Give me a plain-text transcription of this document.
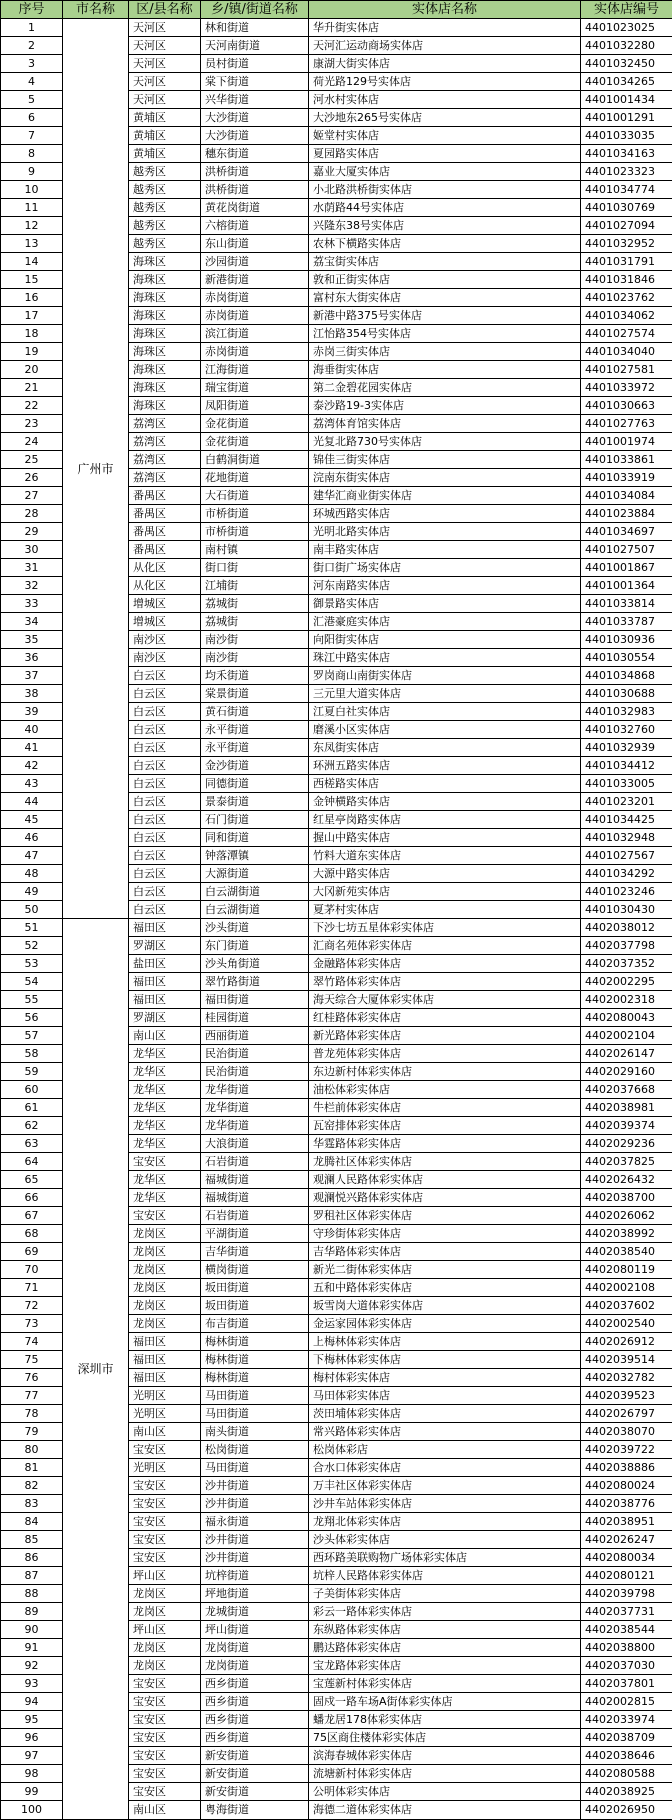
序号	市名称	区/县名称	乡/镇/街道名称	实体店名称	实体店编号
1	广州市	天河区	林和街道	华升街实体店	4401023025
2		天河区	天河南街道	天河汇运动商场实体店	4401032280
3		天河区	员村街道	康湖大街实体店	4401032450
4		天河区	棠下街道	荷光路129号实体店	4401034265
5		天河区	兴华街道	河水村实体店	4401001434
6		黄埔区	大沙街道	大沙地东265号实体店	4401001291
7		黄埔区	大沙街道	姬堂村实体店	4401033035
8		黄埔区	穗东街道	夏园路实体店	4401034163
9		越秀区	洪桥街道	嘉业大厦实体店	4401023323
10		越秀区	洪桥街道	小北路洪桥街实体店	4401034774
11		越秀区	黄花岗街道	水荫路44号实体店	4401030769
12		越秀区	六榕街道	兴隆东38号实体店	4401027094
13		越秀区	东山街道	农林下横路实体店	4401032952
14		海珠区	沙园街道	荔宝街实体店	4401031791
15		海珠区	新港街道	敦和正街实体店	4401031846
16		海珠区	赤岗街道	富村东大街实体店	4401023762
17		海珠区	赤岗街道	新港中路375号实体店	4401034062
18		海珠区	滨江街道	江怡路354号实体店	4401027574
19		海珠区	赤岗街道	赤岗三街实体店	4401034040
20		海珠区	江海街道	海垂街实体店	4401027581
21		海珠区	瑞宝街道	第二金碧花园实体店	4401033972
22		海珠区	凤阳街道	泰沙路19-3实体店	4401030663
23		荔湾区	金花街道	荔湾体育馆实体店	4401027763
24		荔湾区	金花街道	光复北路730号实体店	4401001974
25		荔湾区	白鹤洞街道	锦佳三街实体店	4401033861
26		荔湾区	花地街道	浣南东街实体店	4401033919
27		番禺区	大石街道	建华汇商业街实体店	4401034084
28		番禺区	市桥街道	环城西路实体店	4401023884
29		番禺区	市桥街道	光明北路实体店	4401034697
30		番禺区	南村镇	南丰路实体店	4401027507
31		从化区	街口街	街口街广场实体店	4401001867
32		从化区	江埔街	河东南路实体店	4401001364
33		增城区	荔城街	御景路实体店	4401033814
34		增城区	荔城街	汇港豪庭实体店	4401033787
35		南沙区	南沙街	向阳街实体店	4401030936
36		南沙区	南沙街	珠江中路实体店	4401030554
37		白云区	均禾街道	罗岗商山南街实体店	4401034868
38		白云区	棠景街道	三元里大道实体店	4401030688
39		白云区	黄石街道	江夏白社实体店	4401032983
40		白云区	永平街道	磨溪小区实体店	4401032760
41		白云区	永平街道	东凤街实体店	4401032939
42		白云区	金沙街道	环洲五路实体店	4401034412
43		白云区	同德街道	西槎路实体店	4401033005
44		白云区	景泰街道	金钟横路实体店	4401023201
45		白云区	石门街道	红星亭岗路实体店	4401034425
46		白云区	同和街道	握山中路实体店	4401032948
47		白云区	钟落潭镇	竹料大道东实体店	4401027567
48		白云区	大源街道	大源中路实体店	4401034292
49		白云区	白云湖街道	大冈新苑实体店	4401023246
50		白云区	白云湖街道	夏茅村实体店	4401030430
51	深圳市	福田区	沙头街道	下沙七坊五星体彩实体店	4402038012
52		罗湖区	东门街道	汇商名苑体彩实体店	4402037798
53		盐田区	沙头角街道	金融路体彩实体店	4402037352
54		福田区	翠竹路街道	翠竹路体彩实体店	4402002295
55		福田区	福田街道	海天综合大厦体彩实体店	4402002318
56		罗湖区	桂园街道	红桂路体彩实体店	4402080043
57		南山区	西丽街道	新光路体彩实体店	4402002104
58		龙华区	民治街道	普龙苑体彩实体店	4402026147
59		龙华区	民治街道	东边新村体彩实体店	4402029160
60		龙华区	龙华街道	油松体彩实体店	4402037668
61		龙华区	龙华街道	牛栏前体彩实体店	4402038981
62		龙华区	龙华街道	瓦窑排体彩实体店	4402039374
63		龙华区	大浪街道	华霆路体彩实体店	4402029236
64		宝安区	石岩街道	龙腾社区体彩实体店	4402037825
65		龙华区	福城街道	观澜人民路体彩实体店	4402026432
66		龙华区	福城街道	观澜悦兴路体彩实体店	4402038700
67		宝安区	石岩街道	罗租社区体彩实体店	4402026062
68		龙岗区	平湖街道	守珍街体彩实体店	4402038992
69		龙岗区	吉华街道	吉华路体彩实体店	4402038540
70		龙岗区	横岗街道	新光二街体彩实体店	4402080119
71		龙岗区	坂田街道	五和中路体彩实体店	4402002108
72		龙岗区	坂田街道	坂雪岗大道体彩实体店	4402037602
73		龙岗区	布吉街道	金运家园体彩实体店	4402002540
74		福田区	梅林街道	上梅林体彩实体店	4402026912
75		福田区	梅林街道	下梅林体彩实体店	4402039514
76		福田区	梅林街道	梅村体彩实体店	4402032782
77		光明区	马田街道	马田体彩实体店	4402039523
78		光明区	马田街道	茨田埔体彩实体店	4402026797
79		南山区	南头街道	常兴路体彩实体店	4402038070
80		宝安区	松岗街道	松岗体彩店	4402039722
81		光明区	马田街道	合水口体彩实体店	4402038886
82		宝安区	沙井街道	万丰社区体彩实体店	4402080024
83		宝安区	沙井街道	沙井车站体彩实体店	4402038776
84		宝安区	福永街道	龙翔北体彩实体店	4402038951
85		宝安区	沙井街道	沙头体彩实体店	4402026247
86		宝安区	沙井街道	西环路美联购物广场体彩实体店	4402080034
87		坪山区	坑梓街道	坑梓人民路体彩实体店	4402080121
88		龙岗区	坪地街道	子美街体彩实体店	4402039798
89		龙岗区	龙城街道	彩云一路体彩实体店	4402037731
90		坪山区	坪山街道	东纵路体彩实体店	4402038544
91		龙岗区	龙岗街道	鹏达路体彩实体店	4402038800
92		龙岗区	龙岗街道	宝龙路体彩实体店	4402037030
93		宝安区	西乡街道	宝莲新村体彩实体店	4402037801
94		宝安区	西乡街道	固戍一路车场A街体彩实体店	4402002815
95		宝安区	西乡街道	蟠龙居178体彩实体店	4402033974
96		宝安区	西乡街道	75区商住楼体彩实体店	4402038709
97		宝安区	新安街道	滨海春城体彩实体店	4402038646
98		宝安区	新安街道	流塘新村体彩实体店	4402080588
99		宝安区	新安街道	公明体彩实体店	4402038925
100		南山区	粤海街道	海德二道体彩实体店	4402026950
